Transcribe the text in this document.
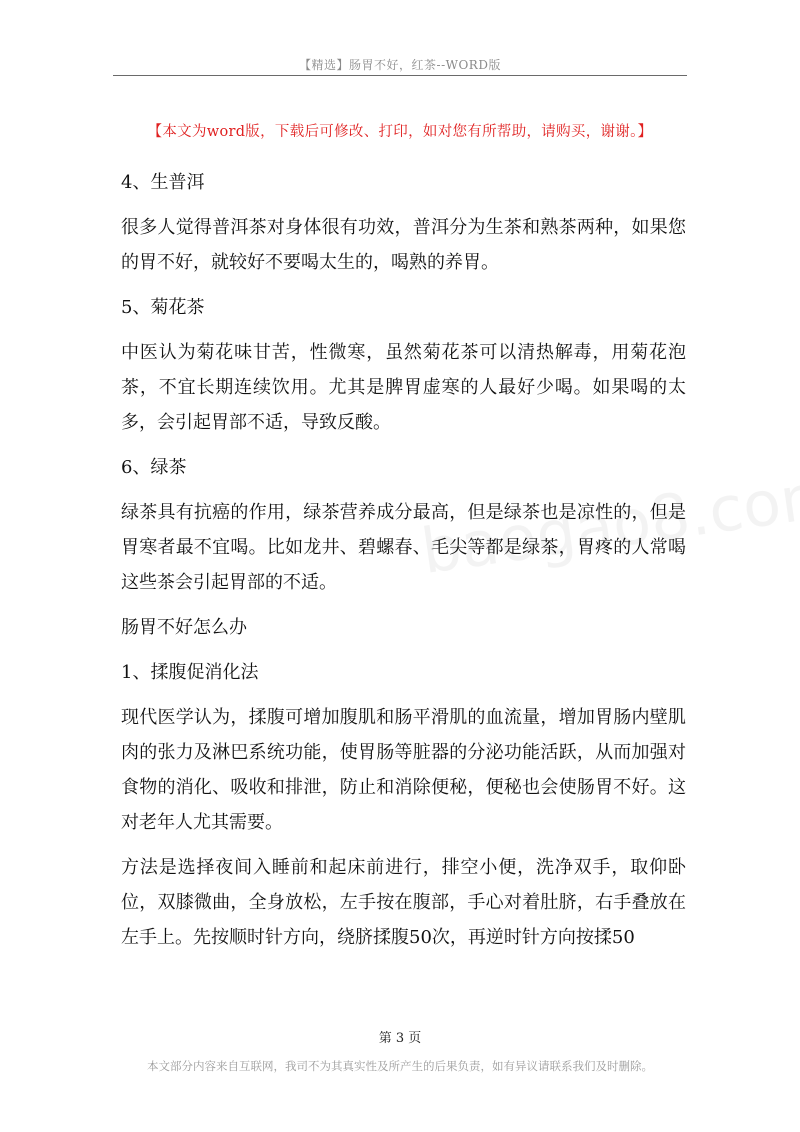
【精选】肠胃不好，红茶--WORD版
【本文为word版，下载后可修改、打印，如对您有所帮助，请购买，谢谢。】

4、生普洱

很多人觉得普洱茶对身体很有功效，普洱分为生茶和熟茶两种，如果您的胃不好，就较好不要喝太生的，喝熟的养胃。

5、菊花茶

中医认为菊花味甘苦，性微寒，虽然菊花茶可以清热解毒，用菊花泡茶，不宜长期连续饮用。尤其是脾胃虚寒的人最好少喝。如果喝的太多，会引起胃部不适，导致反酸。

6、绿茶

绿茶具有抗癌的作用，绿茶营养成分最高，但是绿茶也是凉性的，但是胃寒者最不宜喝。比如龙井、碧螺春、毛尖等都是绿茶，胃疼的人常喝这些茶会引起胃部的不适。

肠胃不好怎么办

1、揉腹促消化法

现代医学认为，揉腹可增加腹肌和肠平滑肌的血流量，增加胃肠内壁肌肉的张力及淋巴系统功能，使胃肠等脏器的分泌功能活跃，从而加强对食物的消化、吸收和排泄，防止和消除便秘，便秘也会使肠胃不好。这对老年人尤其需要。

方法是选择夜间入睡前和起床前进行，排空小便，洗净双手，取仰卧位，双膝微曲，全身放松，左手按在腹部，手心对着肚脐，右手叠放在左手上。先按顺时针方向，绕脐揉腹50次，再逆时针方向按揉50

第 3 页
本文部分内容来自互联网，我司不为其真实性及所产生的后果负责，如有异议请联系我们及时删除。
